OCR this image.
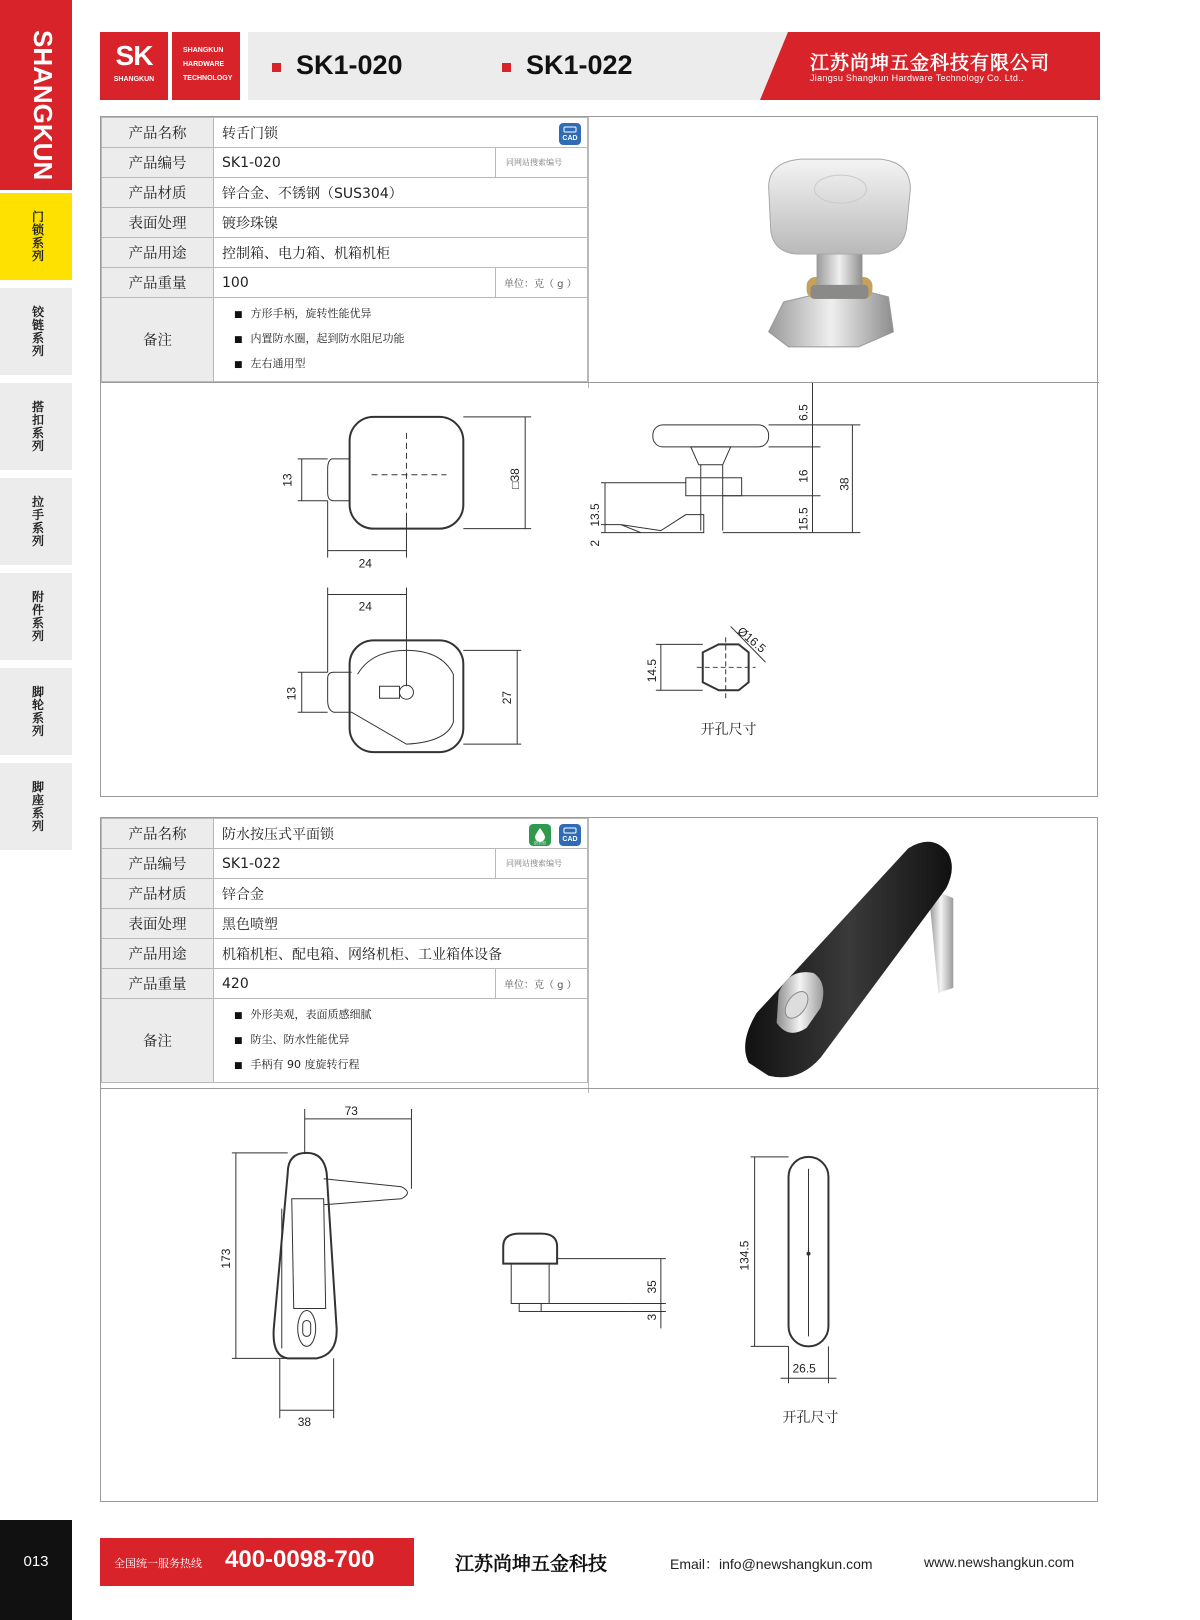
SHANGKUN
门锁系列
铰链系列
搭扣系列
拉手系列
附件系列
脚轮系列
脚座系列
013
SK
SHANGKUN
SHANGKUN
HARDWARE
TECHNOLOGY SK1-020	SK1-022	江苏尚坤五金科技有限公司
Jiangsu Shangkun Hardware Technology Co. Ltd..
产品名称	转舌门锁	
产品编号	SK1-020	同网站搜索编号
产品材质	锌合金、不锈钢（SUS304）	
表面处理	镀珍珠镍	
产品用途	控制箱、电力箱、机箱机柜	
产品重量	100	单位：克（ g ）
备注	■ 方形手柄，旋转性能优异
■ 内置防水圈，起到防水阻尼功能
■ 左右通用型
CAD
24
13	□38
6.5
16
15.5
38
13.5
2
24
13	27
Ø16.5
14.5
开孔尺寸
产品名称	防水按压式平面锁	
产品编号	SK1-022	同网站搜索编号
产品材质	锌合金	
表面处理	黑色喷塑	
产品用途	机箱机柜、配电箱、网络机柜、工业箱体设备	
产品重量	420	单位：克（ g ）
备注	■ 外形美观，表面质感细腻
■ 防尘、防水性能优异
■ 手柄有 90 度旋转行程
防水型 CAD
73
173
38
35
3
134.5
26.5
开孔尺寸
全国统一服务热线 400-0098-700	江苏尚坤五金科技	Email：info@newshangkun.com	www.newshangkun.com
